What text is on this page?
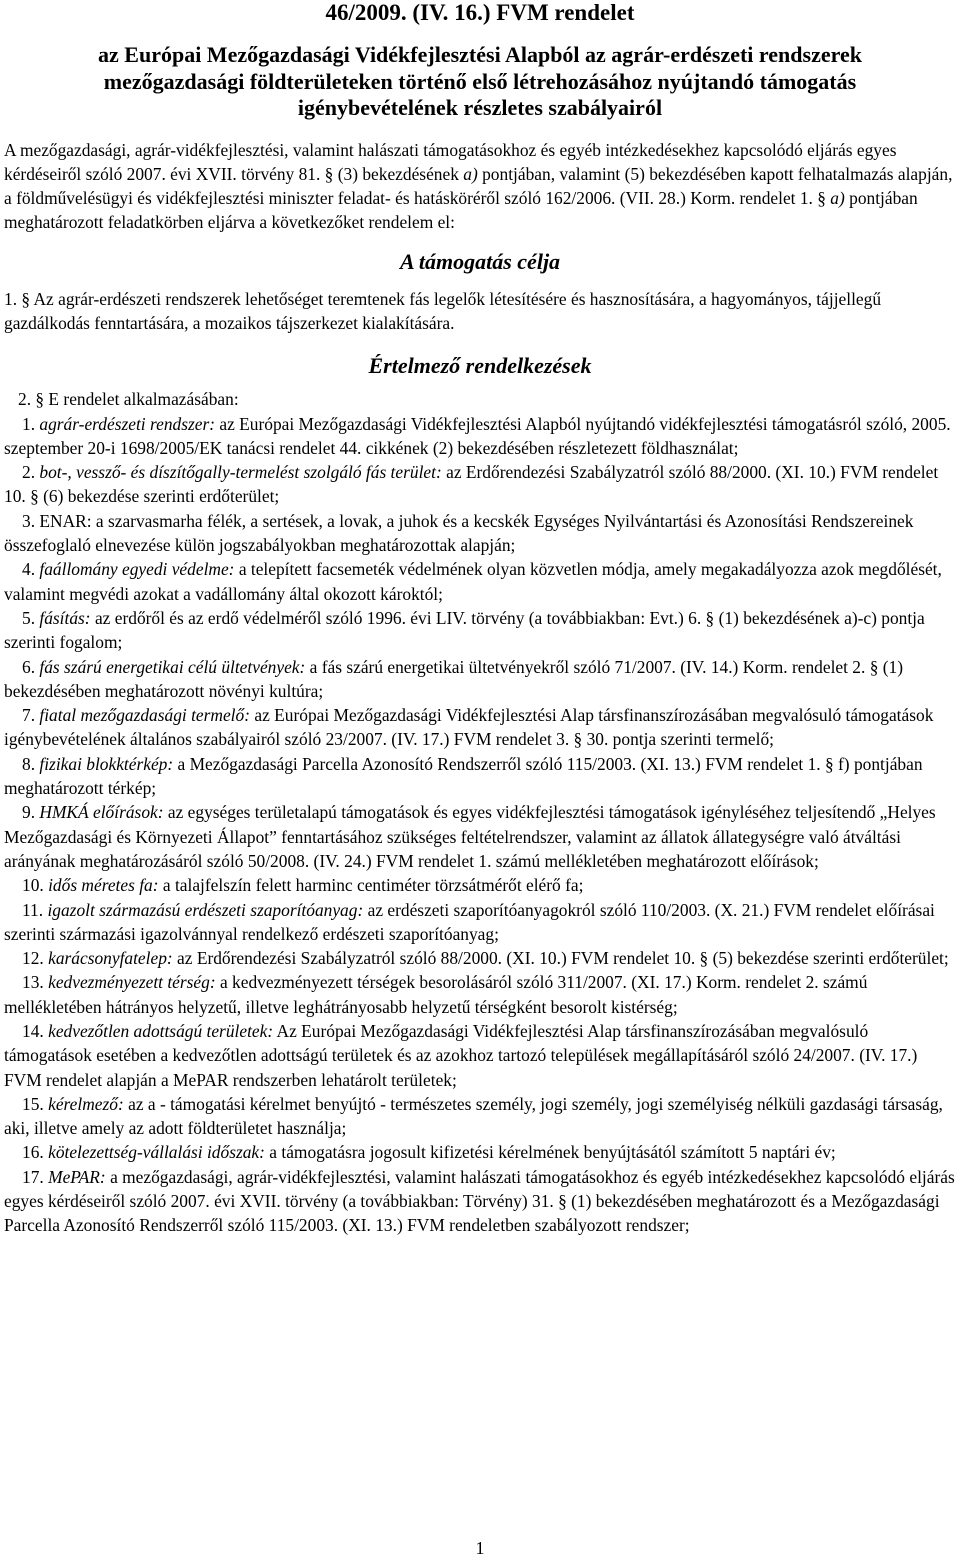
46/2009. (IV. 16.) FVM rendelet
az Európai Mezőgazdasági Vidékfejlesztési Alapból az agrár-erdészeti rendszerek
mezőgazdasági földterületeken történő első létrehozásához nyújtandó támogatás
igénybevételének részletes szabályairól

A mezőgazdasági, agrár-vidékfejlesztési, valamint halászati támogatásokhoz és egyéb intézkedésekhez kapcsolódó eljárás egyes kérdéseiről szóló 2007. évi XVII. törvény 81. § (3) bekezdésének a) pontjában, valamint (5) bekezdésében kapott felhatalmazás alapján, a földművelésügyi és vidékfejlesztési miniszter feladat- és hatásköréről szóló 162/2006. (VII. 28.) Korm. rendelet 1. § a) pontjában meghatározott feladatkörben eljárva a következőket rendelem el:

A támogatás célja

1. § Az agrár-erdészeti rendszerek lehetőséget teremtenek fás legelők létesítésére és hasznosítására, a hagyományos, tájjellegű gazdálkodás fenntartására, a mozaikos tájszerkezet kialakítására.

Értelmező rendelkezések

2. § E rendelet alkalmazásában:

1. agrár-erdészeti rendszer: az Európai Mezőgazdasági Vidékfejlesztési Alapból nyújtandó vidékfejlesztési támogatásról szóló, 2005. szeptember 20-i 1698/2005/EK tanácsi rendelet 44. cikkének (2) bekezdésében részletezett földhasználat;

2. bot-, vessző- és díszítőgally-termelést szolgáló fás terület: az Erdőrendezési Szabályzatról szóló 88/2000. (XI. 10.) FVM rendelet 10. § (6) bekezdése szerinti erdőterület;

3. ENAR: a szarvasmarha félék, a sertések, a lovak, a juhok és a kecskék Egységes Nyilvántartási és Azonosítási Rendszereinek összefoglaló elnevezése külön jogszabályokban meghatározottak alapján;

4. faállomány egyedi védelme: a telepített facsemeték védelmének olyan közvetlen módja, amely megakadályozza azok megdőlését, valamint megvédi azokat a vadállomány által okozott károktól;

5. fásítás: az erdőről és az erdő védelméről szóló 1996. évi LIV. törvény (a továbbiakban: Evt.) 6. § (1) bekezdésének a)-c) pontja szerinti fogalom;

6. fás szárú energetikai célú ültetvények: a fás szárú energetikai ültetvényekről szóló 71/2007. (IV. 14.) Korm. rendelet 2. § (1) bekezdésében meghatározott növényi kultúra;

7. fiatal mezőgazdasági termelő: az Európai Mezőgazdasági Vidékfejlesztési Alap társfinanszírozásában megvalósuló támogatások igénybevételének általános szabályairól szóló 23/2007. (IV. 17.) FVM rendelet 3. § 30. pontja szerinti termelő;

8. fizikai blokktérkép: a Mezőgazdasági Parcella Azonosító Rendszerről szóló 115/2003. (XI. 13.) FVM rendelet 1. § f) pontjában meghatározott térkép;

9. HMKÁ előírások: az egységes területalapú támogatások és egyes vidékfejlesztési támogatások igényléséhez teljesítendő „Helyes Mezőgazdasági és Környezeti Állapot” fenntartásához szükséges feltételrendszer, valamint az állatok állategységre való átváltási arányának meghatározásáról szóló 50/2008. (IV. 24.) FVM rendelet 1. számú mellékletében meghatározott előírások;

10. idős méretes fa: a talajfelszín felett harminc centiméter törzsátmérőt elérő fa;

11. igazolt származású erdészeti szaporítóanyag: az erdészeti szaporítóanyagokról szóló 110/2003. (X. 21.) FVM rendelet előírásai szerinti származási igazolvánnyal rendelkező erdészeti szaporítóanyag;

12. karácsonyfatelep: az Erdőrendezési Szabályzatról szóló 88/2000. (XI. 10.) FVM rendelet 10. § (5) bekezdése szerinti erdőterület;

13. kedvezményezett térség: a kedvezményezett térségek besorolásáról szóló 311/2007. (XI. 17.) Korm. rendelet 2. számú mellékletében hátrányos helyzetű, illetve leghátrányosabb helyzetű térségként besorolt kistérség;

14. kedvezőtlen adottságú területek: Az Európai Mezőgazdasági Vidékfejlesztési Alap társfinanszírozásában megvalósuló támogatások esetében a kedvezőtlen adottságú területek és az azokhoz tartozó települések megállapításáról szóló 24/2007. (IV. 17.) FVM rendelet alapján a MePAR rendszerben lehatárolt területek;

15. kérelmező: az a - támogatási kérelmet benyújtó - természetes személy, jogi személy, jogi személyiség nélküli gazdasági társaság, aki, illetve amely az adott földterületet használja;

16. kötelezettség-vállalási időszak: a támogatásra jogosult kifizetési kérelmének benyújtásától számított 5 naptári év;

17. MePAR: a mezőgazdasági, agrár-vidékfejlesztési, valamint halászati támogatásokhoz és egyéb intézkedésekhez kapcsolódó eljárás egyes kérdéseiről szóló 2007. évi XVII. törvény (a továbbiakban: Törvény) 31. § (1) bekezdésében meghatározott és a Mezőgazdasági Parcella Azonosító Rendszerről szóló 115/2003. (XI. 13.) FVM rendeletben szabályozott rendszer;

1
